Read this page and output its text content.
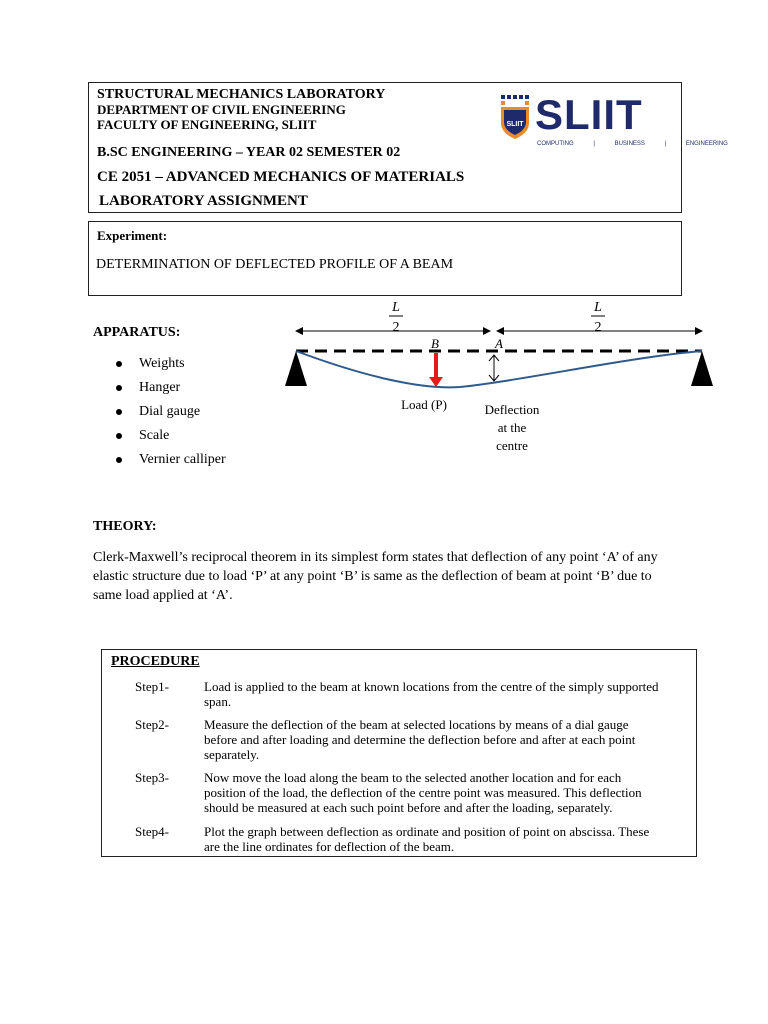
STRUCTURAL MECHANICS LABORATORY
DEPARTMENT OF CIVIL ENGINEERING
FACULTY OF ENGINEERING, SLIIT
B.SC ENGINEERING – YEAR 02 SEMESTER 02
CE 2051 – ADVANCED MECHANICS OF MATERIALS
LABORATORY ASSIGNMENT
SLIIT SLIIT
COMPUTING	|	BUSINESS	|	ENGINEERING
Experiment:
DETERMINATION OF DEFLECTED PROFILE OF A BEAM
APPARATUS:
Weights
Hanger
Dial gauge
Scale
Vernier calliper
L
2
L
2
B	A
Load (P)	Deflection
at the
centre
THEORY:
Clerk-Maxwell’s reciprocal theorem in its simplest form states that deflection of any point ‘A’ of any
elastic structure due to load ‘P’ at any point ‘B’ is same as the deflection of beam at point ‘B’ due to
same load applied at ‘A’.
PROCEDURE
Step1-	Load is applied to the beam at known locations from the centre of the simply supported
span.
Step2-	Measure the deflection of the beam at selected locations by means of a dial gauge
before and after loading and determine the deflection before and after at each point
separately.
Step3-	Now move the load along the beam to the selected another location and for each
position of the load, the deflection of the centre point was measured. This deflection
should be measured at each such point before and after the loading, separately.
Step4-	Plot the graph between deflection as ordinate and position of point on abscissa. These
are the line ordinates for deflection of the beam.
